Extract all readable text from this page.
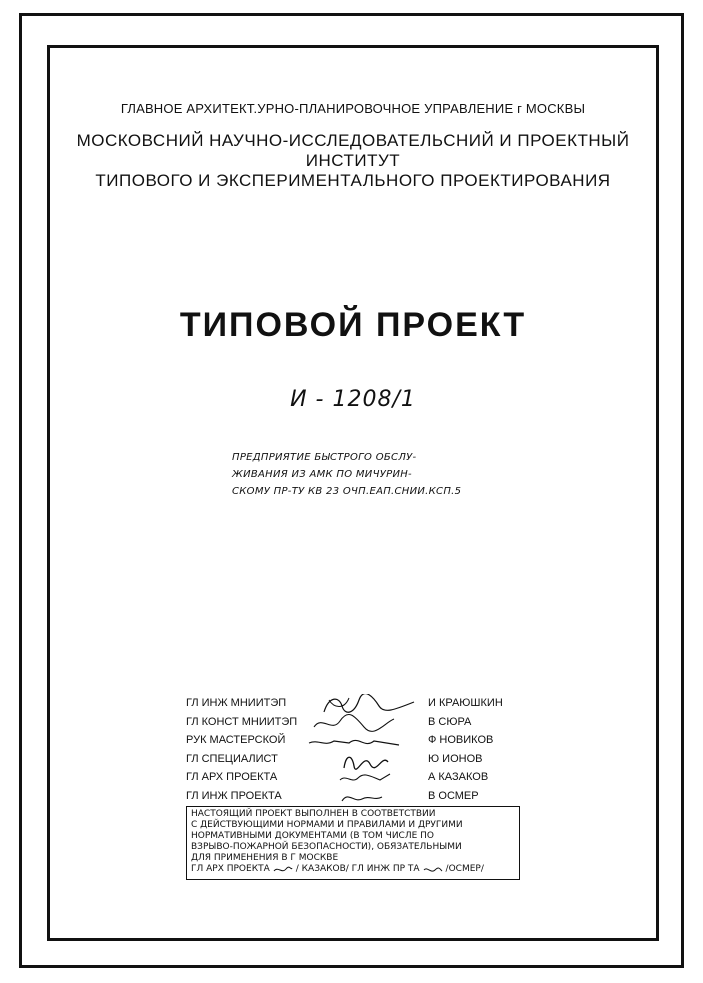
ГЛАВНОЕ АРХИТЕКТ.УРНО-ПЛАНИРОВОЧНОЕ УПРАВЛЕНИЕ г МОСКВЫ
МОСКОВСНИЙ НАУЧНО-ИССЛЕДОВАТЕЛЬСНИЙ И ПРОЕКТНЫЙ
ИНСТИТУТ
ТИПОВОГО И ЭКСПЕРИМЕНТАЛЬНОГО ПРОЕКТИРОВАНИЯ
ТИПОВОЙ ПРОЕКТ
И - 1208/1
ПРЕДПРИЯТИЕ БЫСТРОГО ОБСЛУ-
ЖИВАНИЯ ИЗ АМК ПО МИЧУРИН-
СКОМУ ПР-ТУ КВ 23 ОЧП.ЕАП.СНИИ.КСП.5
ГЛ ИНЖ МНИИТЭП	И КРАЮШКИН
ГЛ КОНСТ МНИИТЭП	В СЮРА
РУК МАСТЕРСКОЙ	Ф НОВИКОВ
ГЛ СПЕЦИАЛИСТ	Ю ИОНОВ
ГЛ АРХ ПРОЕКТА	А КАЗАКОВ
ГЛ ИНЖ ПРОЕКТА	В ОСМЕР
НАСТОЯЩИЙ ПРОЕКТ ВЫПОЛНЕН В СООТВЕТСТВИИ
С ДЕЙСТВУЮЩИМИ НОРМАМИ И ПРАВИЛАМИ И ДРУГИМИ
НОРМАТИВНЫМИ ДОКУМЕНТАМИ (В ТОМ ЧИСЛЕ ПО
ВЗРЫВО-ПОЖАРНОЙ БЕЗОПАСНОСТИ), ОБЯЗАТЕЛЬНЫМИ
ДЛЯ ПРИМЕНЕНИЯ В Г МОСКВЕ
ГЛ АРХ ПРОЕКТА	/ КАЗАКОВ/ ГЛ ИНЖ ПР ТА	/ОСМЕР/
